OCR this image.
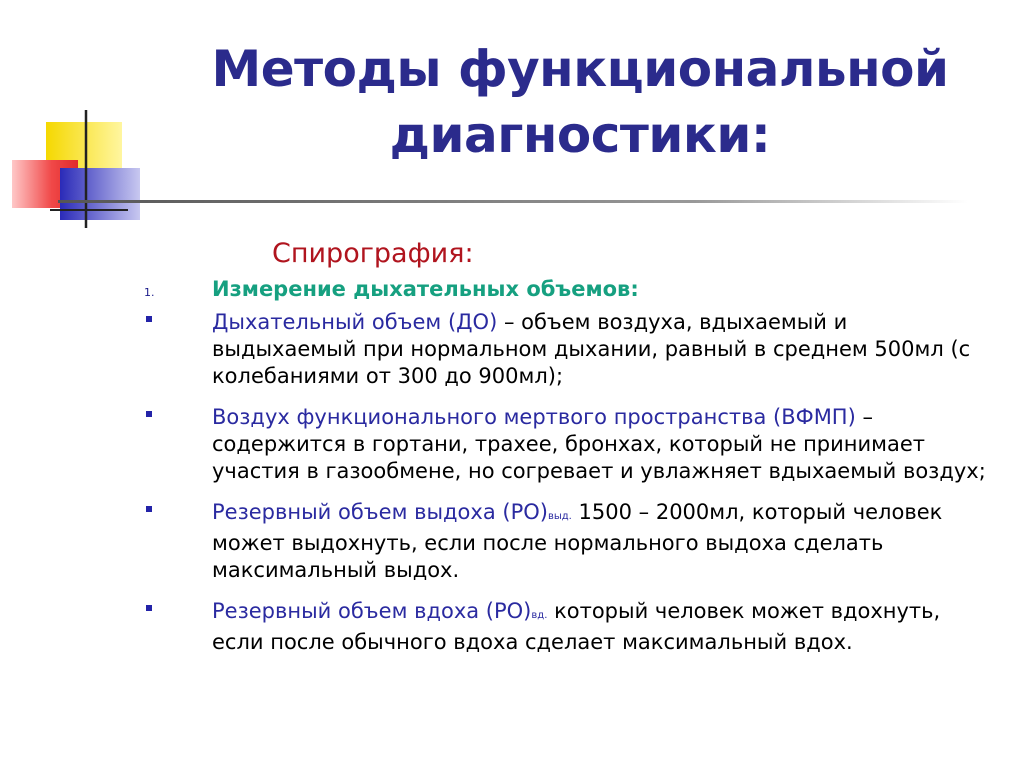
Методы функциональной
диагностики:
Спирография:
1.	Измерение дыхательных объемов:
Дыхательный объем (ДО) – объем воздуха, вдыхаемый и выдыхаемый при нормальном дыхании, равный в среднем 500мл (с колебаниями от 300 до 900мл);
Воздух функционального мертвого пространства (ВФМП) – содержится в гортани, трахее, бронхах, который не принимает участия в газообмене, но согревает и увлажняет вдыхаемый воздух;
Резервный объем выдоха (РО)выд. 1500 – 2000мл, который человек может выдохнуть, если после нормального выдоха сделать максимальный выдох.
Резервный объем вдоха (РО)вд. который человек может вдохнуть, если после обычного вдоха сделает максимальный вдох.
